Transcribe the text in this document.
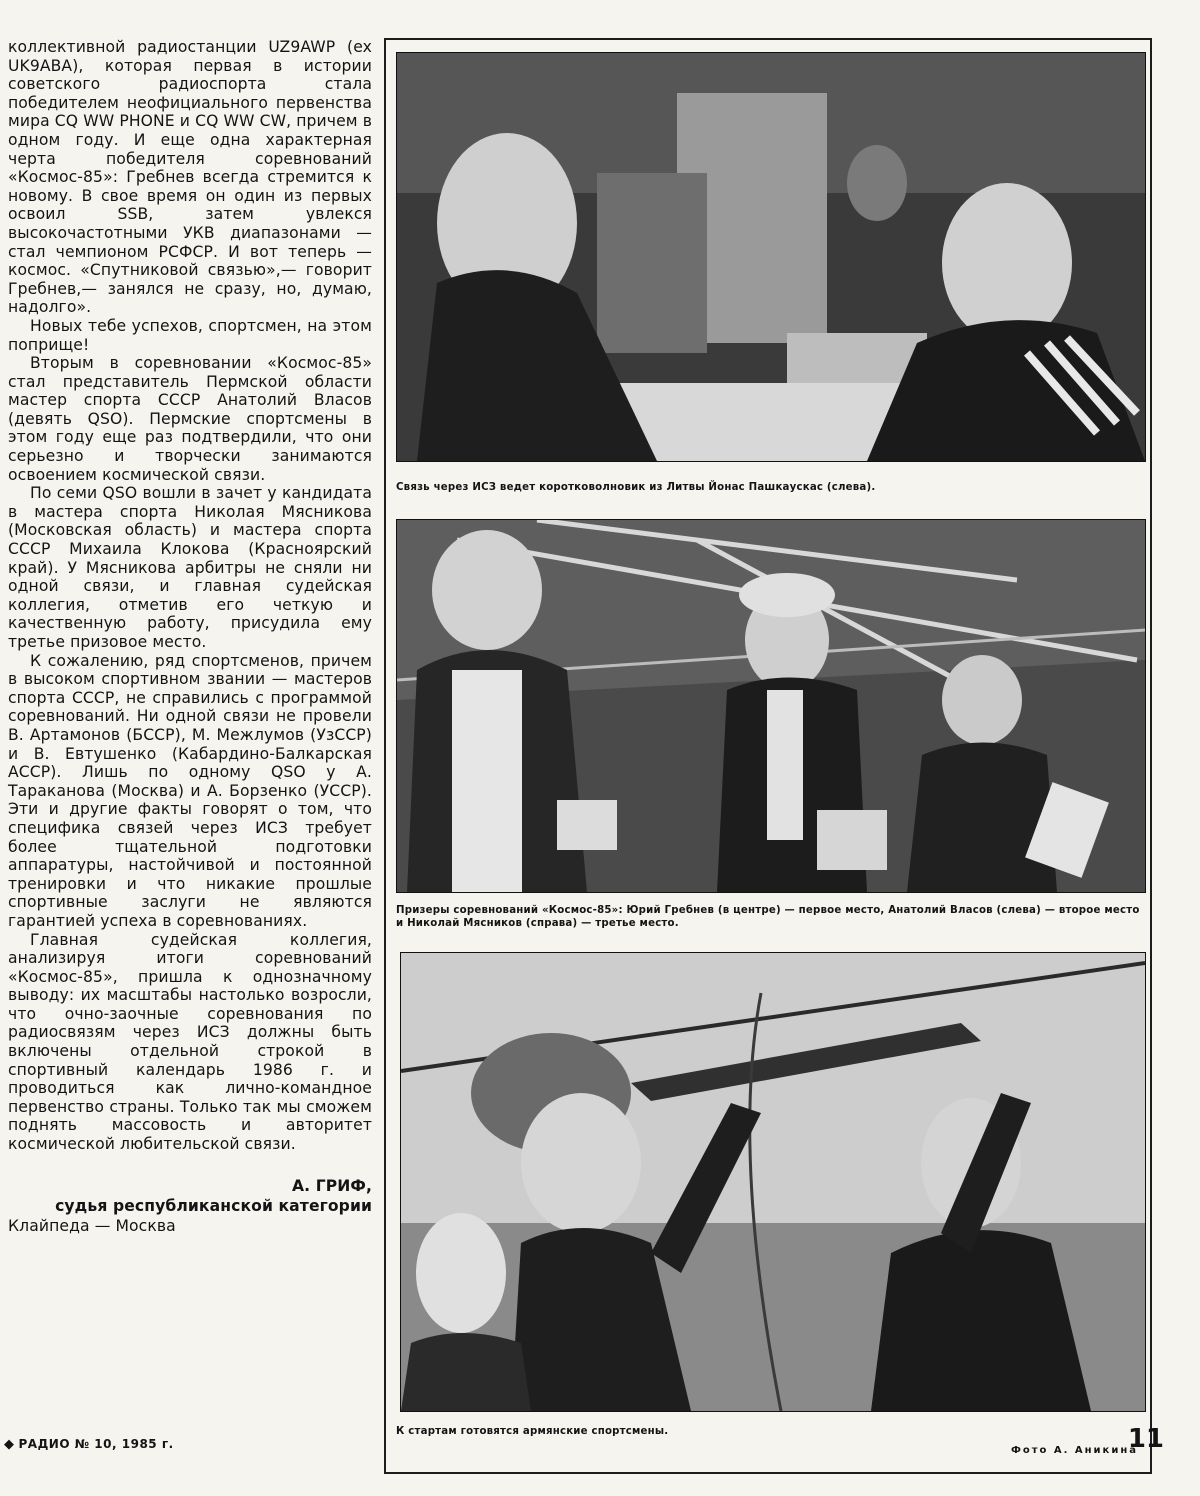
коллективной радиостанции UZ9AWP (ex UK9ABA), которая первая в истории советского радиоспорта стала победителем неофициального первенства мира CQ WW PHONE и CQ WW CW, причем в одном году. И еще одна характерная черта победителя соревнований «Космос-85»: Гребнев всегда стремится к новому. В свое время он один из первых освоил SSB, затем увлекся высокочастотными УКВ диапазонами — стал чемпионом РСФСР. И вот теперь — космос. «Спутниковой связью»,— говорит Гребнев,— занялся не сразу, но, думаю, надолго».

Новых тебе успехов, спортсмен, на этом поприще!

Вторым в соревновании «Космос-85» стал представитель Пермской области мастер спорта СССР Анатолий Власов (девять QSO). Пермские спортсмены в этом году еще раз подтвердили, что они серьезно и творчески занимаются освоением космической связи.

По семи QSO вошли в зачет у кандидата в мастера спорта Николая Мясникова (Московская область) и мастера спорта СССР Михаила Клокова (Красноярский край). У Мясникова арбитры не сняли ни одной связи, и главная судейская коллегия, отметив его четкую и качественную работу, присудила ему третье призовое место.

К сожалению, ряд спортсменов, причем в высоком спортивном звании — мастеров спорта СССР, не справились с программой соревнований. Ни одной связи не провели В. Артамонов (БССР), М. Межлумов (УзССР) и В. Евтушенко (Кабардино-Балкарская АССР). Лишь по одному QSO у А. Тараканова (Москва) и А. Борзенко (УССР). Эти и другие факты говорят о том, что специфика связей через ИСЗ требует более тщательной подготовки аппаратуры, настойчивой и постоянной тренировки и что никакие прошлые спортивные заслуги не являются гарантией успеха в соревнованиях.

Главная судейская коллегия, анализируя итоги соревнований «Космос-85», пришла к однозначному выводу: их масштабы настолько возросли, что очно-заочные соревнования по радиосвязям через ИСЗ должны быть включены отдельной строкой в спортивный календарь 1986 г. и проводиться как лично-командное первенство страны. Только так мы сможем поднять массовость и авторитет космической любительской связи.

А. ГРИФ,
судья республиканской категории
Клайпеда — Москва
Связь через ИСЗ ведет коротковолновик из Литвы Йонас Пашкаускас (слева).
Призеры соревнований «Космос-85»: Юрий Гребнев (в центре) — первое место, Анатолий Власов (слева) — второе место и Николай Мясников (справа) — третье место.
К стартам готовятся армянские спортсмены.
Фото А. Аникина
◆ РАДИО № 10, 1985 г.	11
